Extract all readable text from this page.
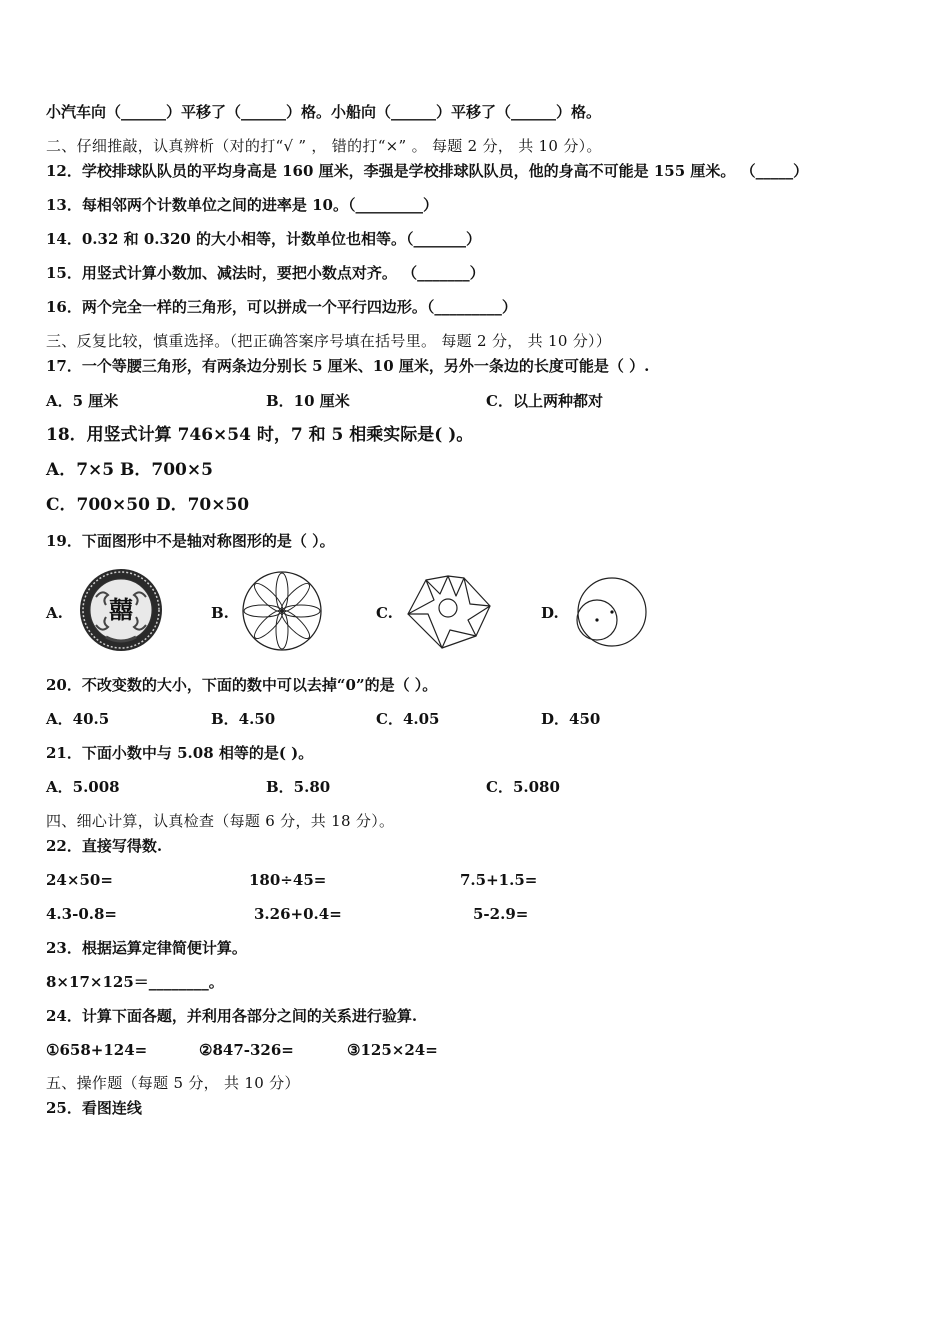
小汽车向（______）平移了（______）格。小船向（______）平移了（______）格。
二、仔细推敲，认真辨析（对的打“√ ” ， 错的打“×” 。 每题 2 分， 共 10 分）。
12．学校排球队队员的平均身高是 160 厘米，李强是学校排球队队员，他的身高不可能是 155 厘米。 （_____）
13．每相邻两个计数单位之间的进率是 10。（_________）
14．0.32 和 0.320 的大小相等，计数单位也相等。（_______）
15．用竖式计算小数加、减法时，要把小数点对齐。 （_______）
16．两个完全一样的三角形，可以拼成一个平行四边形。（_________）
三、反复比较，慎重选择。（把正确答案序号填在括号里。 每题 2 分， 共 10 分））
17．一个等腰三角形，有两条边分别长 5 厘米、10 厘米，另外一条边的长度可能是（ ）.
A．5 厘米	B．10 厘米	C．以上两种都对
18．用竖式计算 746×54 时，7 和 5 相乘实际是( )。
A．7×5 B．700×5
C．700×50 D．70×50
19．下面图形中不是轴对称图形的是（ ）。
A. 囍	B.	C.	D.
20．不改变数的大小，下面的数中可以去掉“0”的是（ ）。
A．40.5	B．4.50	C．4.05	D．450
21．下面小数中与 5.08 相等的是( )。
A．5.008	B．5.80	C．5.080
四、细心计算，认真检查（每题 6 分，共 18 分）。
22．直接写得数.
24×50=	180÷45=	7.5+1.5=
4.3-0.8=	3.26+0.4=	5-2.9=
23．根据运算定律简便计算。
8×17×125＝________。
24．计算下面各题，并利用各部分之间的关系进行验算.
①658+124=	②847-326=	③125×24=
五、操作题（每题 5 分， 共 10 分）
25．看图连线
